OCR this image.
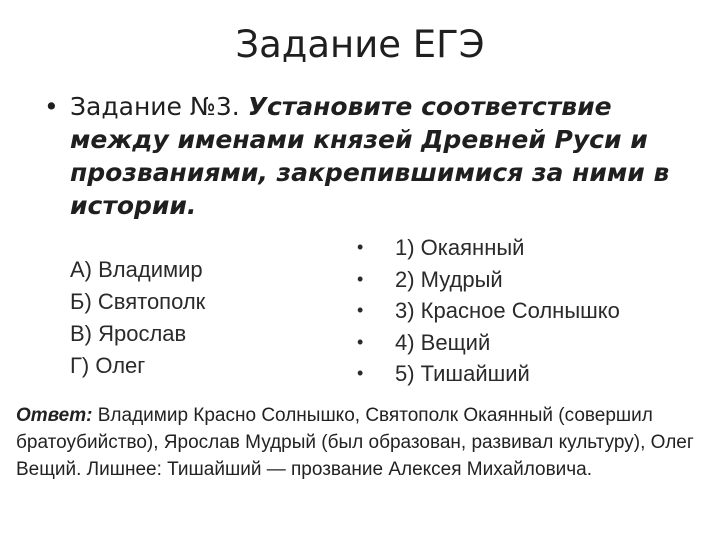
Задание ЕГЭ
• Задание №3. Установите соответствие между именами князей Древней Руси и прозваниями, закрепившимися за ними в истории.
А) Владимир
Б) Святополк
В) Ярослав
Г) Олег
•	1) Окаянный
•	2) Мудрый
•	3) Красное Солнышко
•	4) Вещий
•	5) Тишайший
Ответ: Владимир Красно Солнышко, Святополк Окаянный (совершил братоубийство), Ярослав Мудрый (был образован, развивал культуру), Олег Вещий. Лишнее: Тишайший — прозвание Алексея Михайловича.
